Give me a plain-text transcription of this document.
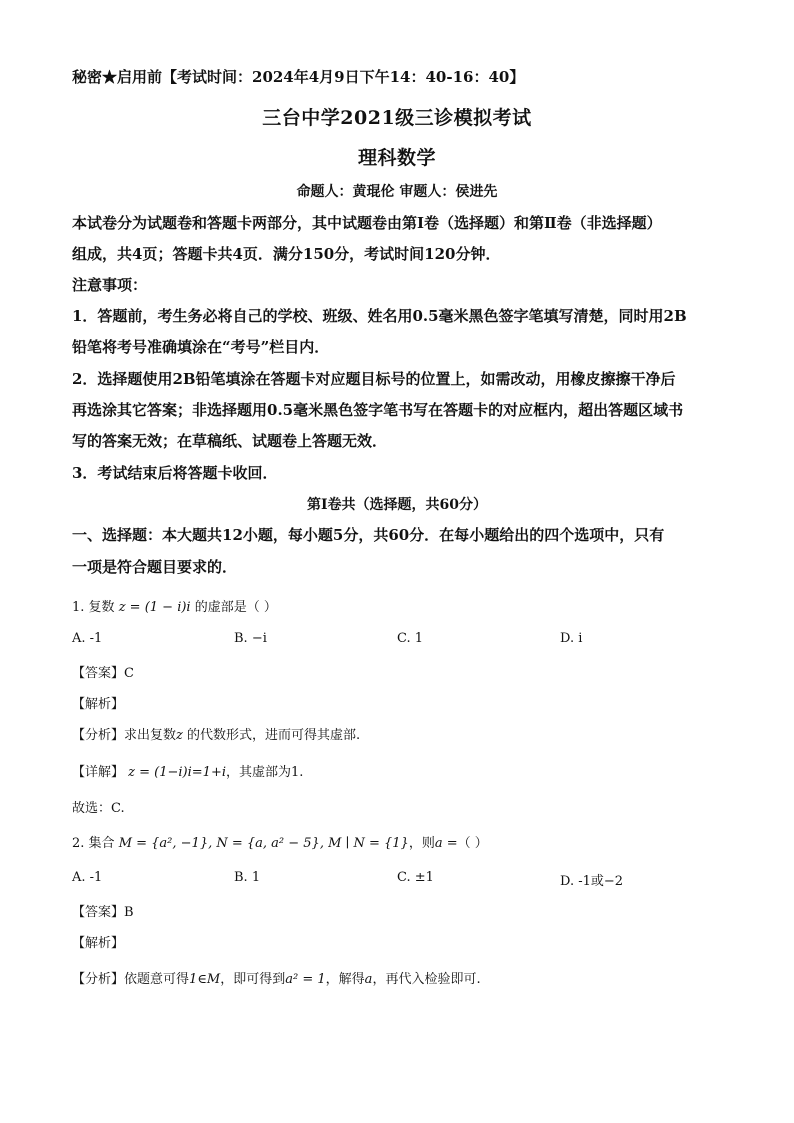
秘密★启用前【考试时间：2024年4月9日下午14：40-16：40】
三台中学2021级三诊模拟考试
理科数学
命题人：黄琨伦 审题人：侯进先
本试卷分为试题卷和答题卡两部分，其中试题卷由第Ⅰ卷（选择题）和第Ⅱ卷（非选择题）
组成，共4页；答题卡共4页．满分150分，考试时间120分钟．
注意事项：
1．答题前，考生务必将自己的学校、班级、姓名用0.5毫米黑色签字笔填写清楚，同时用2B
铅笔将考号准确填涂在“考号”栏目内．
2．选择题使用2B铅笔填涂在答题卡对应题目标号的位置上，如需改动，用橡皮擦擦干净后
再选涂其它答案；非选择题用0.5毫米黑色签字笔书写在答题卡的对应框内，超出答题区域书
写的答案无效；在草稿纸、试题卷上答题无效．
3．考试结束后将答题卡收回．
第Ⅰ卷共（选择题，共60分）
一、选择题：本大题共12小题，每小题5分，共60分．在每小题给出的四个选项中，只有
一项是符合题目要求的．
1. 复数 z = (1 − i)i 的虚部是（ ）
A. -1	B. −i	C. 1	D. i
【答案】C
【解析】
【分析】求出复数z 的代数形式，进而可得其虚部.
【详解】 z = (1−i)i=1+i，其虚部为1.
故选：C.
2. 集合 M = {a², −1}, N = {a, a² − 5}, M ∣ N = {1}，则a =（ ）
A. -1	B. 1	C. ±1	D. -1或−2
【答案】B
【解析】
【分析】依题意可得1∈M，即可得到a² = 1，解得a，再代入检验即可.
